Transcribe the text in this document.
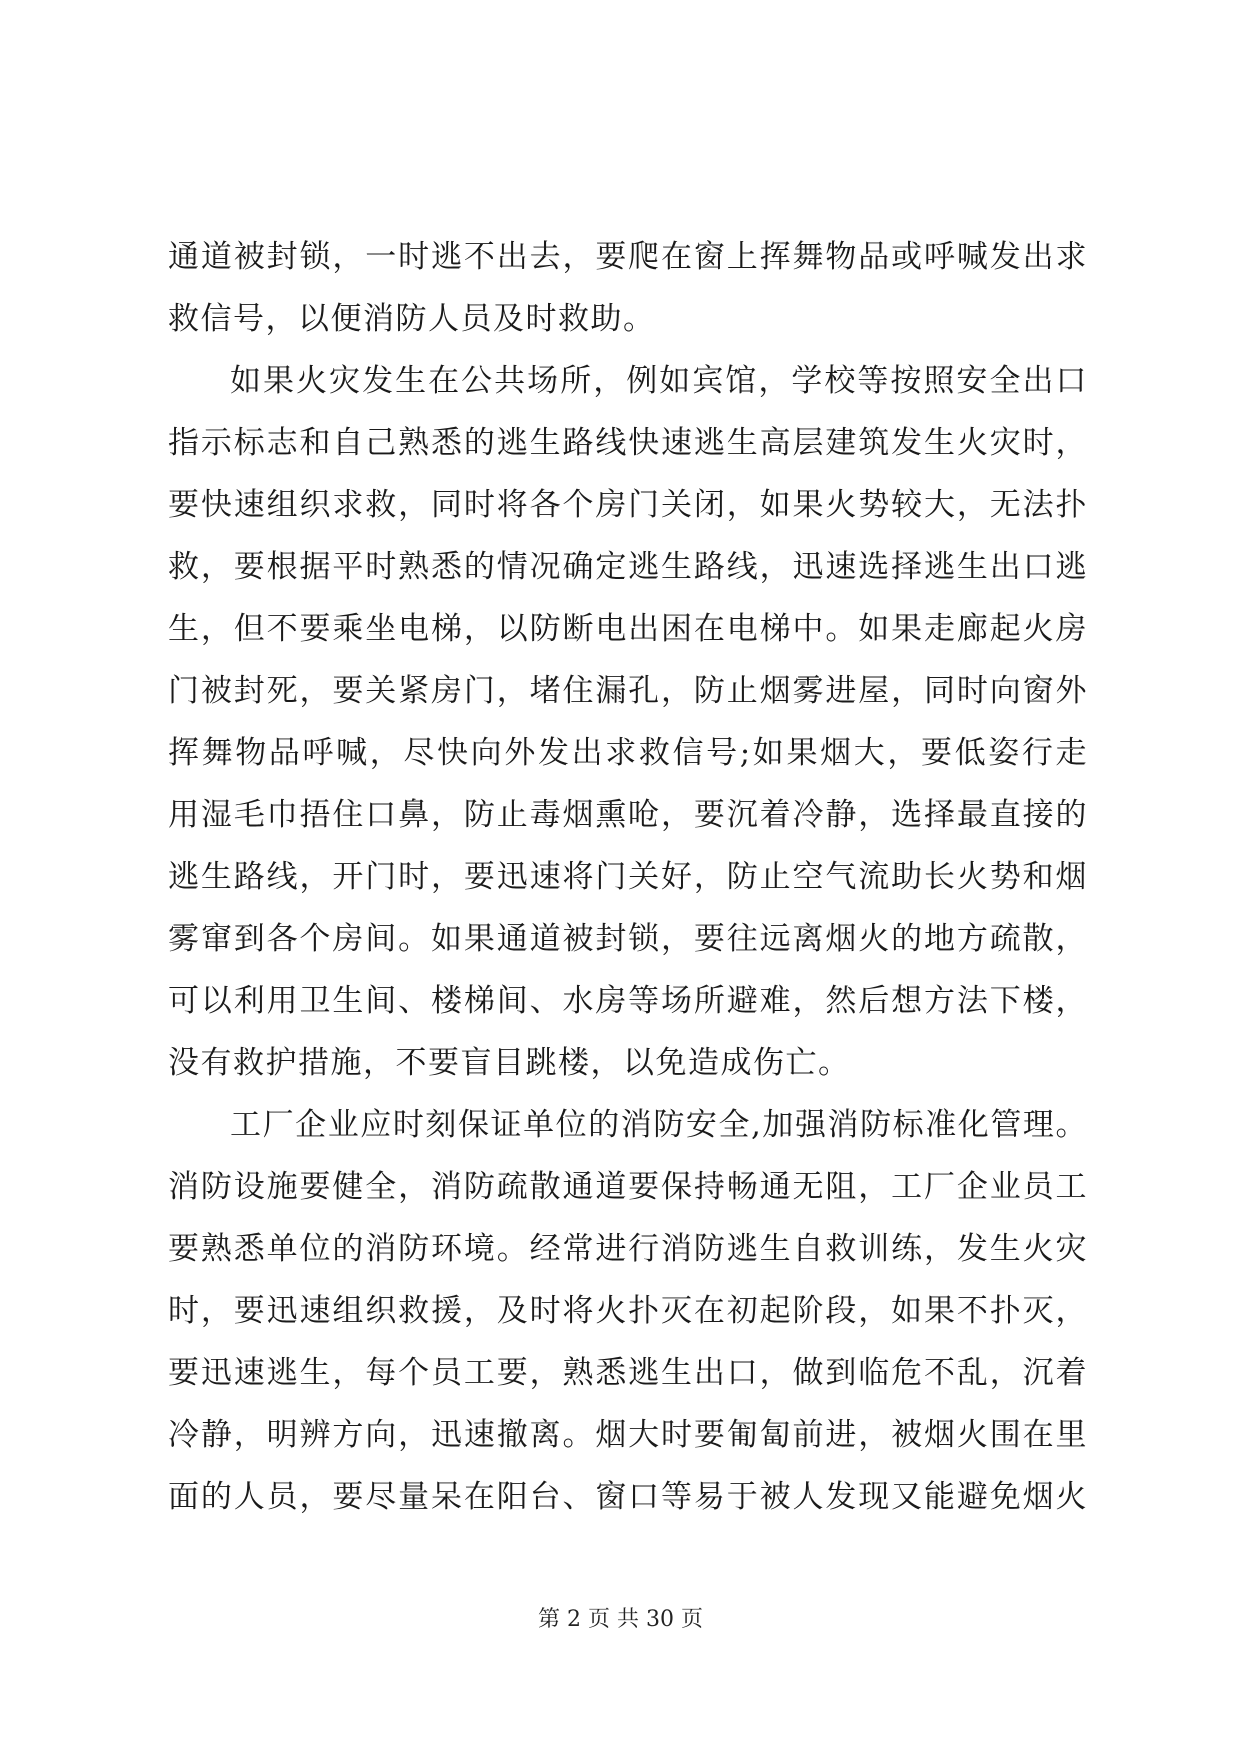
通道被封锁，一时逃不出去，要爬在窗上挥舞物品或呼喊发出求
救信号，以便消防人员及时救助。
如果火灾发生在公共场所，例如宾馆，学校等按照安全出口
指示标志和自己熟悉的逃生路线快速逃生高层建筑发生火灾时，
要快速组织求救，同时将各个房门关闭，如果火势较大，无法扑
救，要根据平时熟悉的情况确定逃生路线，迅速选择逃生出口逃
生，但不要乘坐电梯，以防断电出困在电梯中。如果走廊起火房
门被封死，要关紧房门，堵住漏孔，防止烟雾进屋，同时向窗外
挥舞物品呼喊，尽快向外发出求救信号;如果烟大，要低姿行走
用湿毛巾捂住口鼻，防止毒烟熏呛，要沉着冷静，选择最直接的
逃生路线，开门时，要迅速将门关好，防止空气流助长火势和烟
雾窜到各个房间。如果通道被封锁，要往远离烟火的地方疏散，
可以利用卫生间、楼梯间、水房等场所避难，然后想方法下楼，
没有救护措施，不要盲目跳楼，以免造成伤亡。
工厂企业应时刻保证单位的消防安全,加强消防标准化管理。
消防设施要健全，消防疏散通道要保持畅通无阻，工厂企业员工
要熟悉单位的消防环境。经常进行消防逃生自救训练，发生火灾
时，要迅速组织救援，及时将火扑灭在初起阶段，如果不扑灭，
要迅速逃生，每个员工要，熟悉逃生出口，做到临危不乱，沉着
冷静，明辨方向，迅速撤离。烟大时要匍匐前进，被烟火围在里
面的人员，要尽量呆在阳台、窗口等易于被人发现又能避免烟火
第 2 页 共 30 页
